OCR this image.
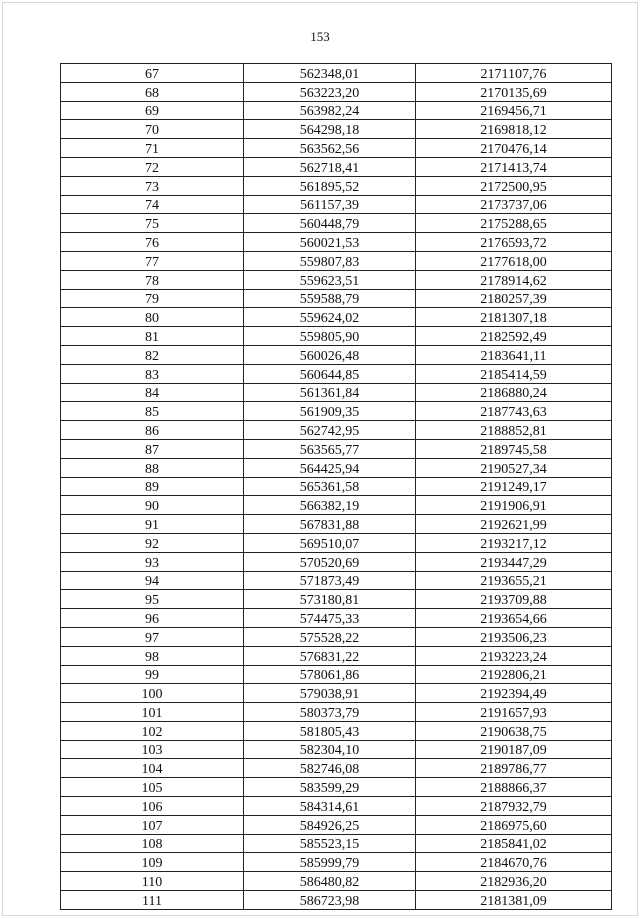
153
67	562348,01	2171107,76
68	563223,20	2170135,69
69	563982,24	2169456,71
70	564298,18	2169818,12
71	563562,56	2170476,14
72	562718,41	2171413,74
73	561895,52	2172500,95
74	561157,39	2173737,06
75	560448,79	2175288,65
76	560021,53	2176593,72
77	559807,83	2177618,00
78	559623,51	2178914,62
79	559588,79	2180257,39
80	559624,02	2181307,18
81	559805,90	2182592,49
82	560026,48	2183641,11
83	560644,85	2185414,59
84	561361,84	2186880,24
85	561909,35	2187743,63
86	562742,95	2188852,81
87	563565,77	2189745,58
88	564425,94	2190527,34
89	565361,58	2191249,17
90	566382,19	2191906,91
91	567831,88	2192621,99
92	569510,07	2193217,12
93	570520,69	2193447,29
94	571873,49	2193655,21
95	573180,81	2193709,88
96	574475,33	2193654,66
97	575528,22	2193506,23
98	576831,22	2193223,24
99	578061,86	2192806,21
100	579038,91	2192394,49
101	580373,79	2191657,93
102	581805,43	2190638,75
103	582304,10	2190187,09
104	582746,08	2189786,77
105	583599,29	2188866,37
106	584314,61	2187932,79
107	584926,25	2186975,60
108	585523,15	2185841,02
109	585999,79	2184670,76
110	586480,82	2182936,20
111	586723,98	2181381,09
